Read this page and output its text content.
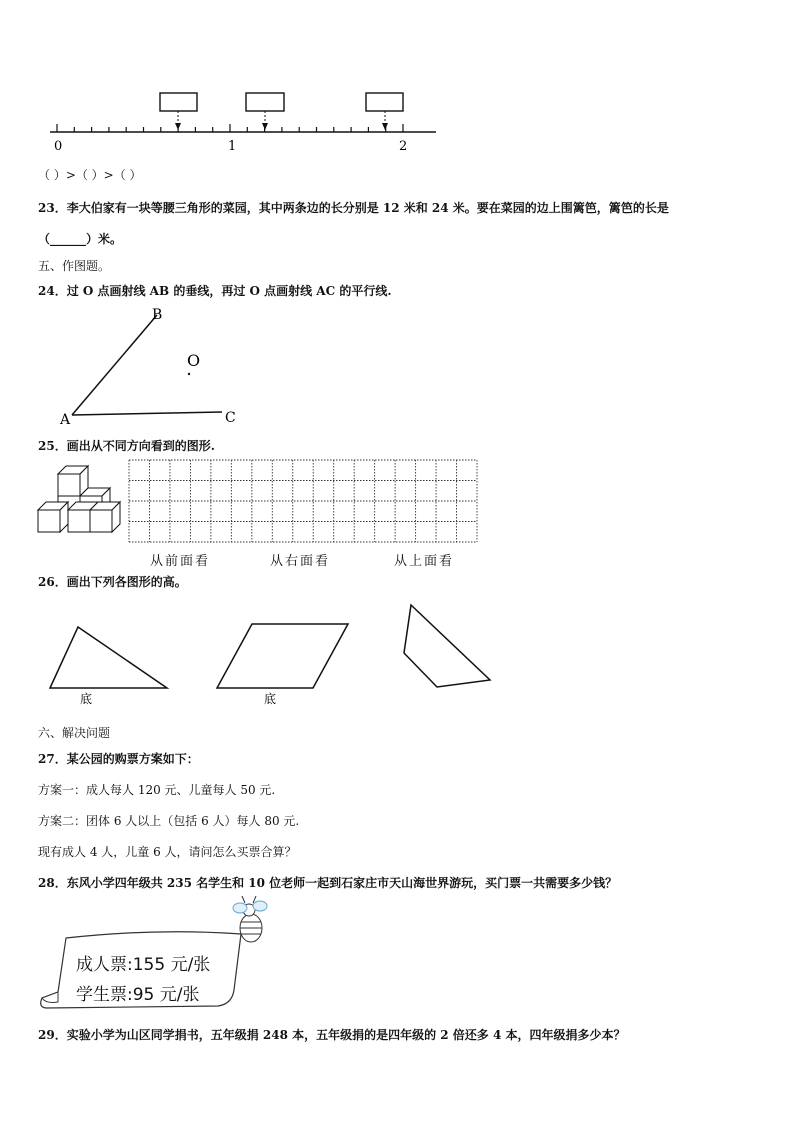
0	1	2
（ ）>（ ）>（ ）
23．李大伯家有一块等腰三角形的菜园，其中两条边的长分别是 12 米和 24 米。要在菜园的边上围篱笆，篱笆的长是
（______）米。
五、作图题。
24．过 O 点画射线 AB 的垂线，再过 O 点画射线 AC 的平行线.
A
B
C
O
25．画出从不同方向看到的图形.
从前面看	从右面看	从上面看
26．画出下列各图形的高。
底	底
六、解决问题
27．某公园的购票方案如下：
方案一：成人每人 120 元、儿童每人 50 元.
方案二：团体 6 人以上（包括 6 人）每人 80 元.
现有成人 4 人，儿童 6 人，请问怎么买票合算？
28．东风小学四年级共 235 名学生和 10 位老师一起到石家庄市天山海世界游玩，买门票一共需要多少钱？
成人票:155 元/张
学生票:95 元/张
29．实验小学为山区同学捐书，五年级捐 248 本，五年级捐的是四年级的 2 倍还多 4 本，四年级捐多少本？
